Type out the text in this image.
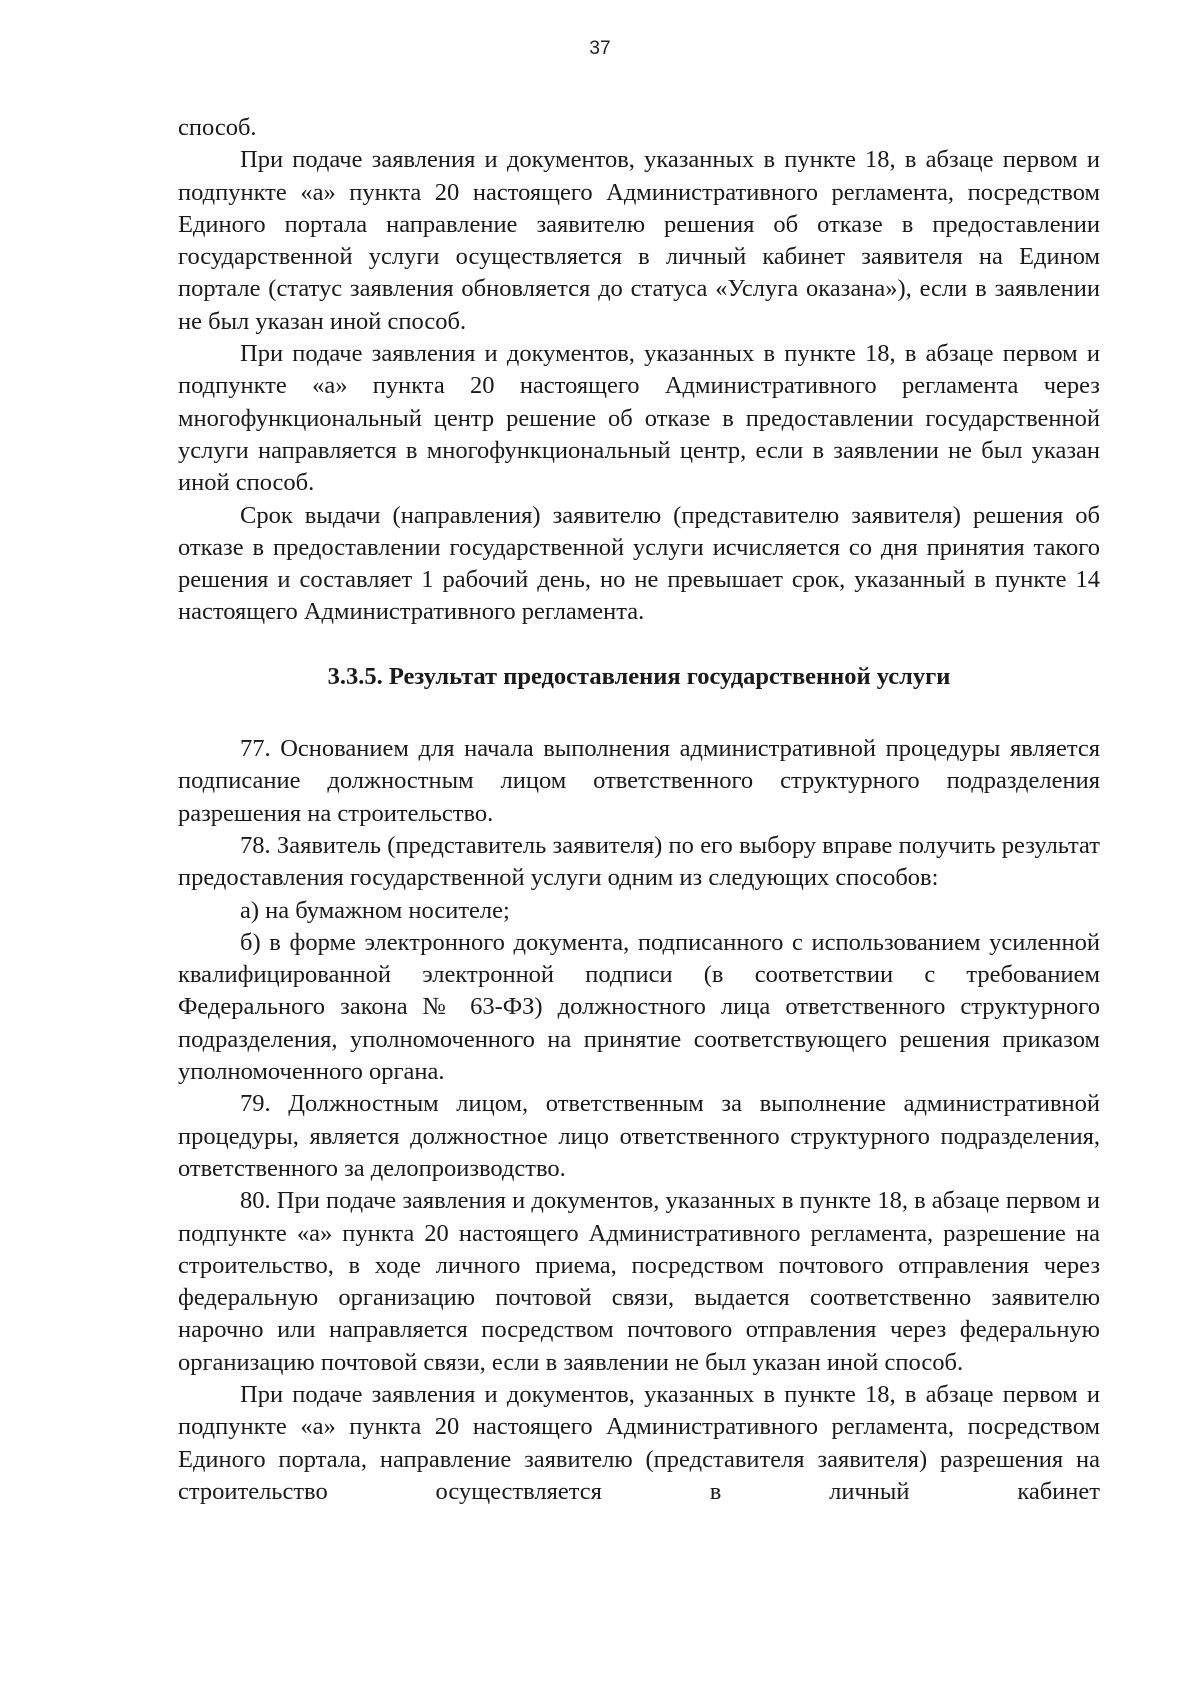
37

способ.

При подаче заявления и документов, указанных в пункте 18, в абзаце первом и подпункте «а» пункта 20 настоящего Административного регламента, посредством Единого портала направление заявителю решения об отказе в предоставлении государственной услуги осуществляется в личный кабинет заявителя на Едином портале (статус заявления обновляется до статуса «Услуга оказана»), если в заявлении не был указан иной способ.

При подаче заявления и документов, указанных в пункте 18, в абзаце первом и подпункте «а» пункта 20 настоящего Административного регламента через многофункциональный центр решение об отказе в предоставлении государственной услуги направляется в многофункциональный центр, если в заявлении не был указан иной способ.

Срок выдачи (направления) заявителю (представителю заявителя) решения об отказе в предоставлении государственной услуги исчисляется со дня принятия такого решения и составляет 1 рабочий день, но не превышает срок, указанный в пункте 14 настоящего Административного регламента.

3.3.5. Результат предоставления государственной услуги

77. Основанием для начала выполнения административной процедуры является подписание должностным лицом ответственного структурного подразделения разрешения на строительство.

78. Заявитель (представитель заявителя) по его выбору вправе получить результат предоставления государственной услуги одним из следующих способов:

а) на бумажном носителе;

б) в форме электронного документа, подписанного с использованием усиленной квалифицированной электронной подписи (в соответствии с требованием Федерального закона № 63-ФЗ) должностного лица ответственного структурного подразделения, уполномоченного на принятие соответствующего решения приказом уполномоченного органа.

79. Должностным лицом, ответственным за выполнение административной процедуры, является должностное лицо ответственного структурного подразделения, ответственного за делопроизводство.

80. При подаче заявления и документов, указанных в пункте 18, в абзаце первом и подпункте «а» пункта 20 настоящего Административного регламента, разрешение на строительство, в ходе личного приема, посредством почтового отправления через федеральную организацию почтовой связи, выдается соответственно заявителю нарочно или направляется посредством почтового отправления через федеральную организацию почтовой связи, если в заявлении не был указан иной способ.

При подаче заявления и документов, указанных в пункте 18, в абзаце первом и подпункте «а» пункта 20 настоящего Административного регламента, посредством Единого портала, направление заявителю (представителя заявителя) разрешения на строительство осуществляется в личный кабинет
